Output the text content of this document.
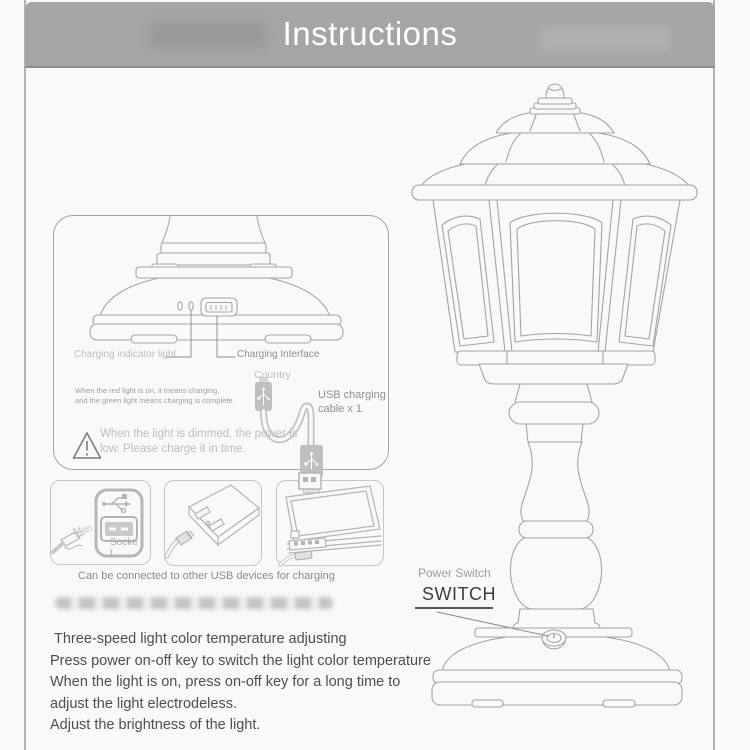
Instructions
Charging indicator light	Charging Interface
Country
USB charging
cable x 1
When the red light is on, it means charging,
and the green light means charging is complete.
When the light is dimmed, the power is
low. Please charge it in time.
Man
Socke
t
Can be connected to other USB devices for charging	Power Switch
SWITCH
Three-speed light color temperature adjusting
Press power on-off key to switch the light color temperature
When the light is on, press on-off key for a long time to
adjust the light electrodeless.
Adjust the brightness of the light.
